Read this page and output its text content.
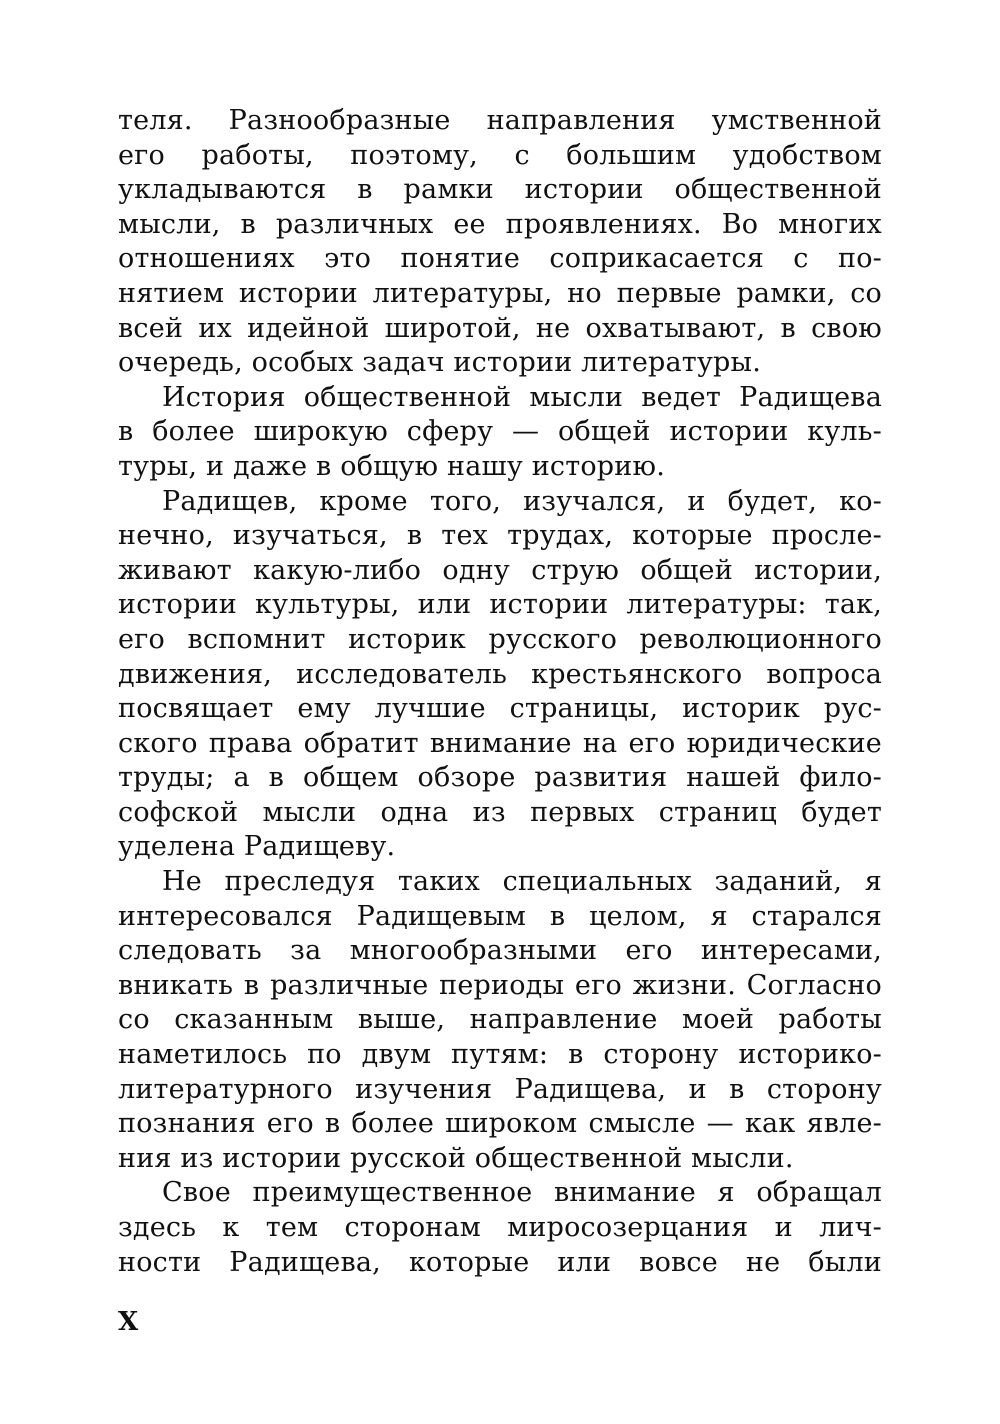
теля. Разнообразные направления умственной
его работы, поэтому, с большим удобством
укладываются в рамки истории общественной
мысли, в различных ее проявлениях. Во многих
отношениях это понятие соприкасается с по-
нятием истории литературы, но первые рамки, со
всей их идейной широтой, не охватывают, в свою
очередь, особых задач истории литературы.
История общественной мысли ведет Радищева
в более широкую сферу — общей истории куль-
туры, и даже в общую нашу историю.
Радищев, кроме того, изучался, и будет, ко-
нечно, изучаться, в тех трудах, которые просле-
живают какую-либо одну струю общей истории,
истории культуры, или истории литературы: так,
его вспомнит историк русского революционного
движения, исследователь крестьянского вопроса
посвящает ему лучшие страницы, историк рус-
ского права обратит внимание на его юридические
труды; а в общем обзоре развития нашей фило-
софской мысли одна из первых страниц будет
уделена Радищеву.
Не преследуя таких специальных заданий, я
интересовался Радищевым в целом, я старался
следовать за многообразными его интересами,
вникать в различные периоды его жизни. Согласно
со сказанным выше, направление моей работы
наметилось по двум путям: в сторону историко-
литературного изучения Радищева, и в сторону
познания его в более широком смысле — как явле-
ния из истории русской общественной мысли.
Свое преимущественное внимание я обращал
здесь к тем сторонам миросозерцания и лич-
ности Радищева, которые или вовсе не были
X
